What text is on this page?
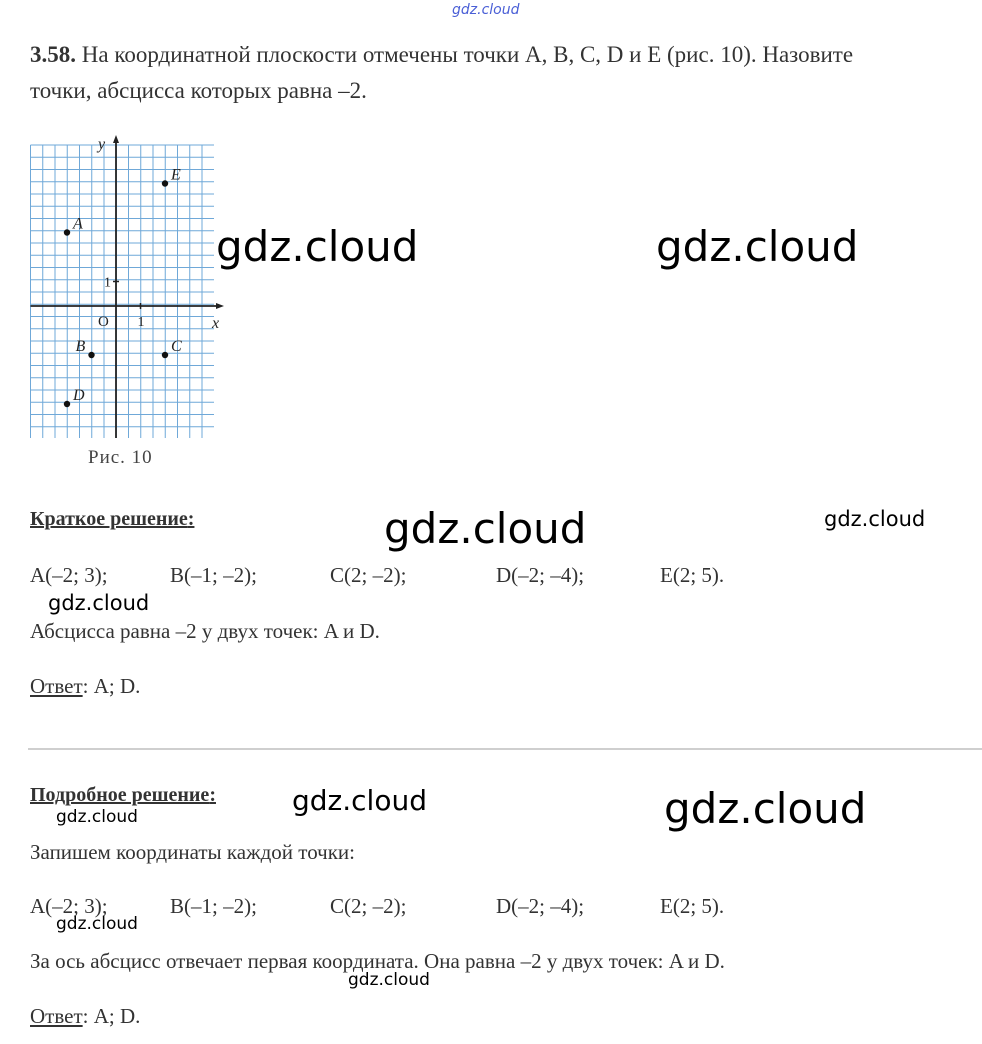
gdz.cloud
3.58. На координатной плоскости отмечены точки A, B, C, D и E (рис. 10). Назовите
точки, абсцисса которых равна –2.
x
y
O 1
1
A
B	C
D
E
Рис. 10
gdz.cloud	gdz.cloud
Краткое решение:	gdz.cloud	gdz.cloud
A(–2; 3);	B(–1; –2);	C(2; –2);	D(–2; –4);	E(2; 5).
gdz.cloud
Абсцисса равна –2 у двух точек: A и D.
Ответ: A; D.
Подробное решение:	gdz.cloud	gdz.cloud
gdz.cloud
Запишем координаты каждой точки:
A(–2; 3);	B(–1; –2);	C(2; –2);	D(–2; –4);	E(2; 5).
gdz.cloud
За ось абсцисс отвечает первая координата. Она равна –2 у двух точек: A и D.
gdz.cloud
Ответ: A; D.
